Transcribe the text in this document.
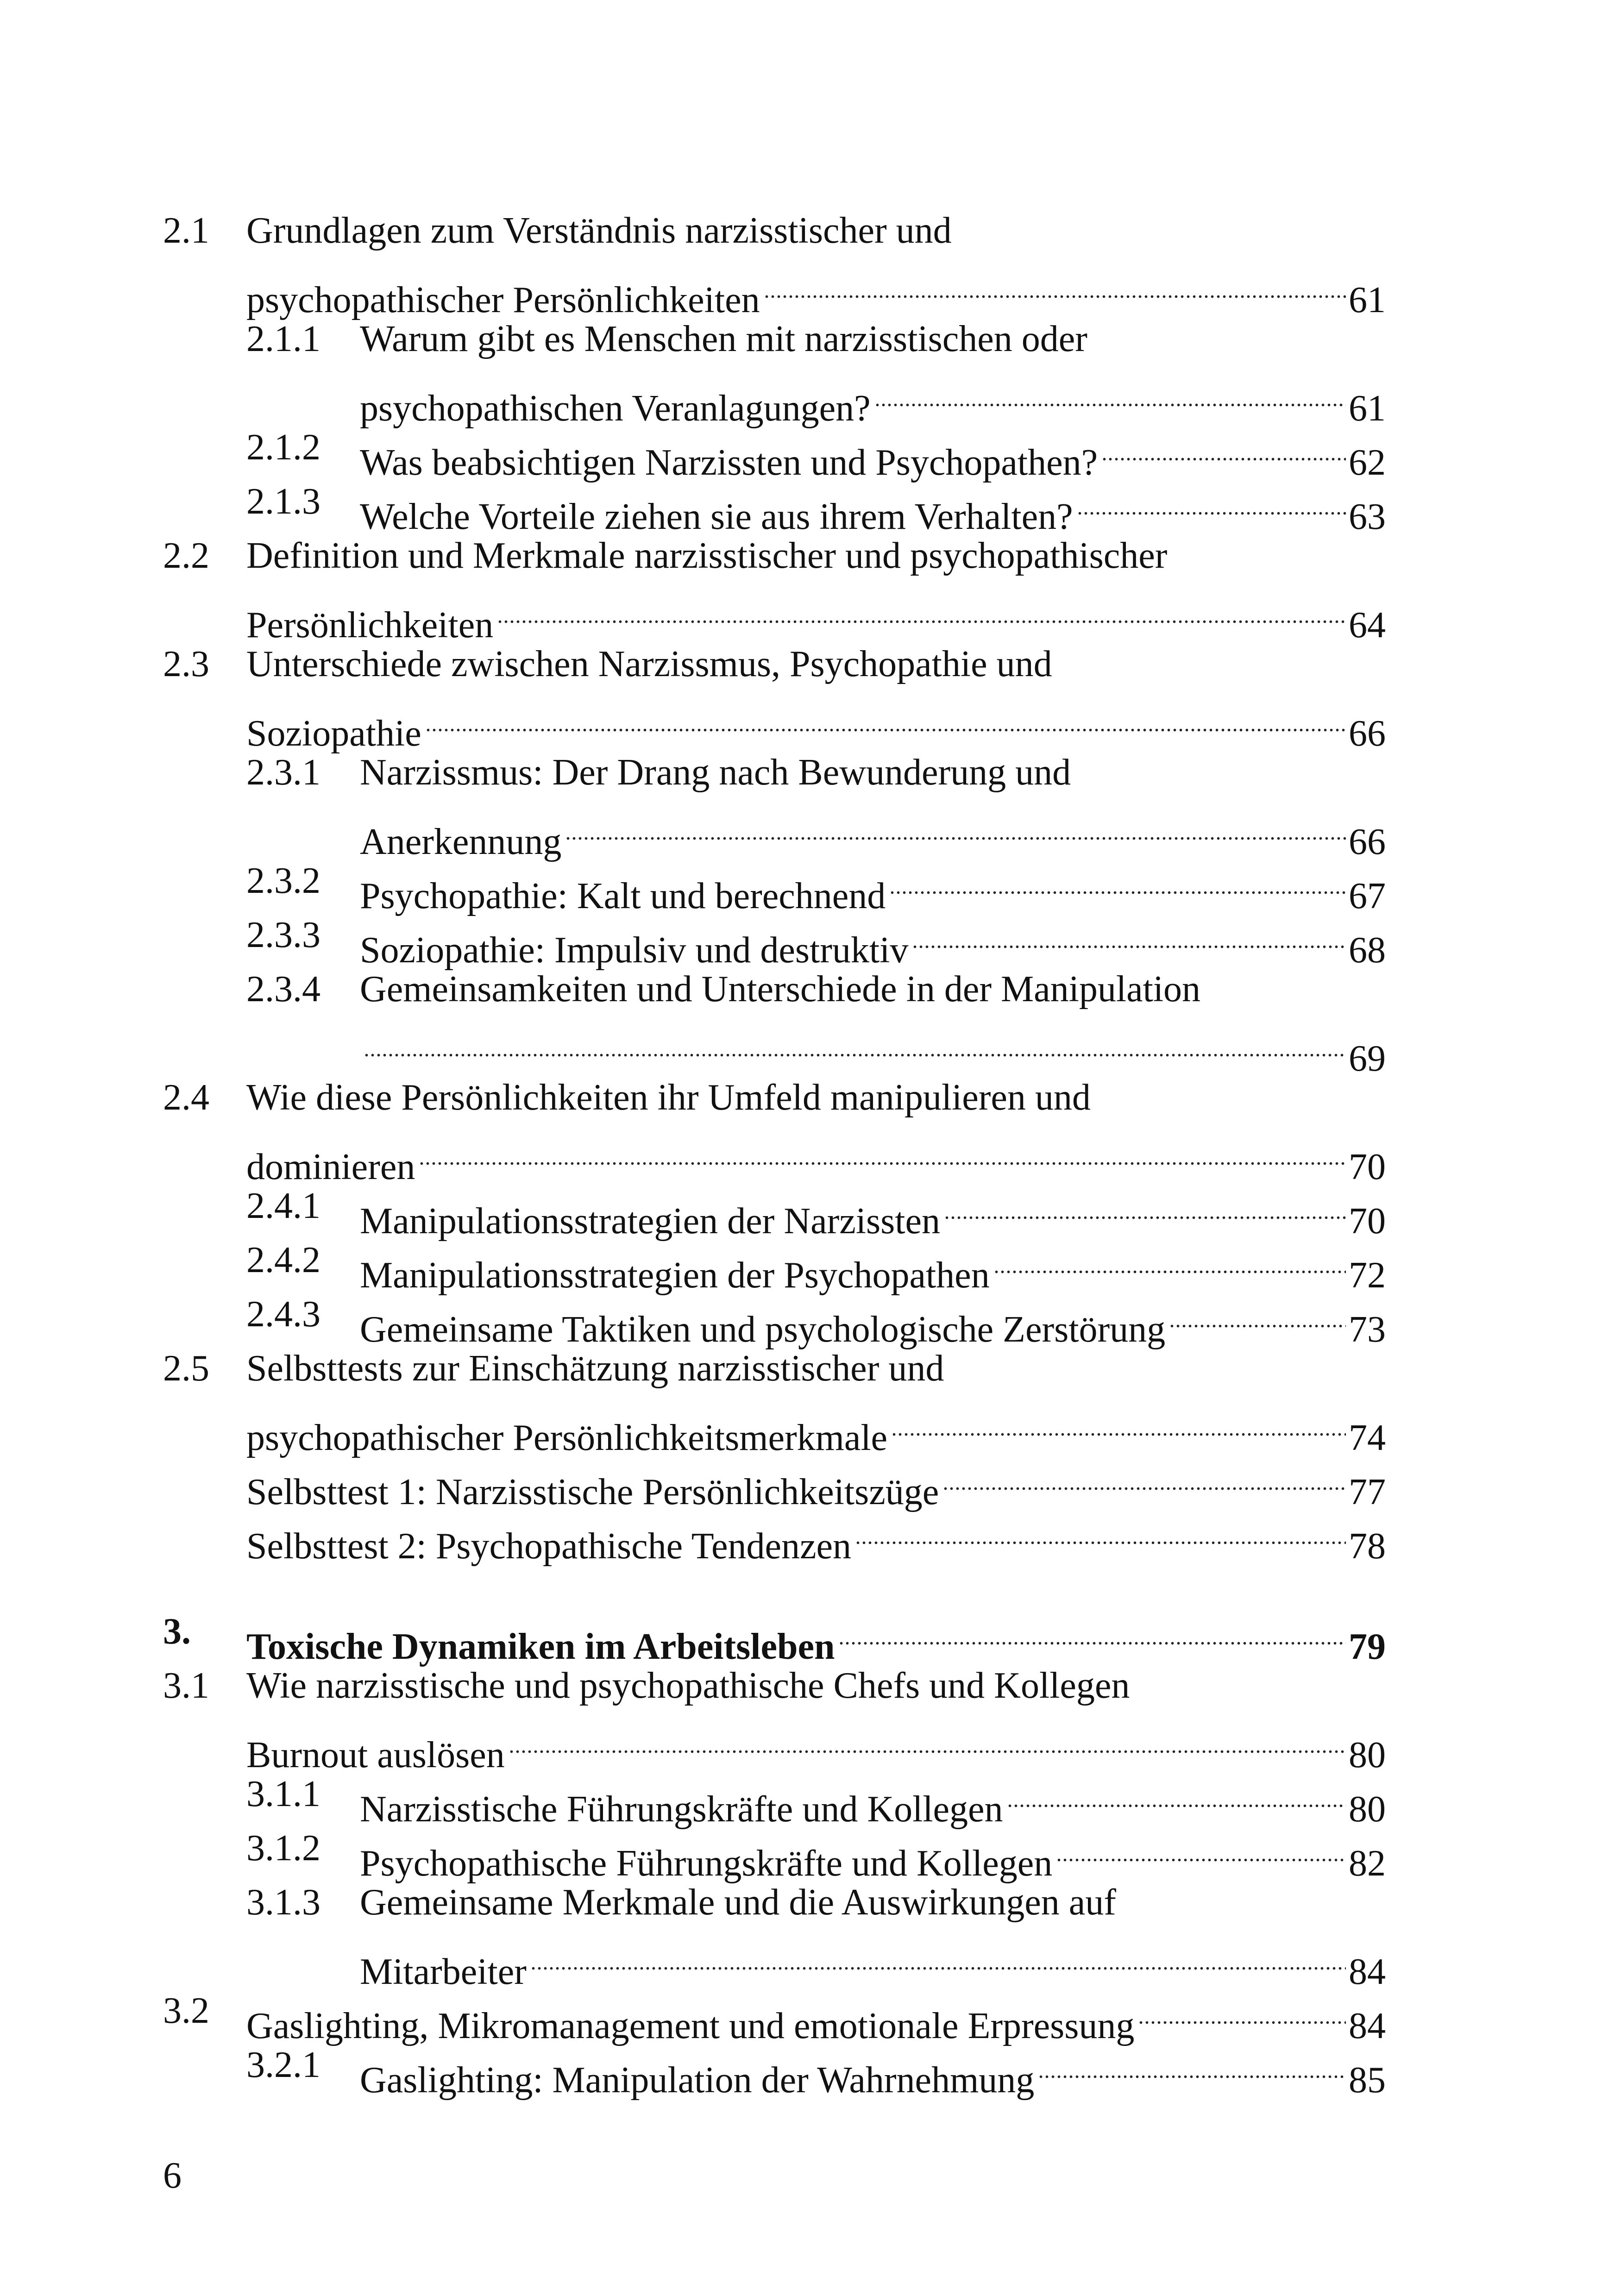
2.1 Grundlagen zum Verständnis narzisstischer und
psychopathischer Persönlichkeiten	61
2.1.1 Warum gibt es Menschen mit narzisstischen oder
psychopathischen Veranlagungen?	61
2.1.2 Was beabsichtigen Narzissten und Psychopathen?	62
2.1.3 Welche Vorteile ziehen sie aus ihrem Verhalten?	63
2.2 Definition und Merkmale narzisstischer und psychopathischer
Persönlichkeiten	64
2.3 Unterschiede zwischen Narzissmus, Psychopathie und
Soziopathie	66
2.3.1 Narzissmus: Der Drang nach Bewunderung und
Anerkennung	66
2.3.2 Psychopathie: Kalt und berechnend	67
2.3.3 Soziopathie: Impulsiv und destruktiv	68
2.3.4 Gemeinsamkeiten und Unterschiede in der Manipulation
69
2.4 Wie diese Persönlichkeiten ihr Umfeld manipulieren und
dominieren	70
2.4.1 Manipulationsstrategien der Narzissten	70
2.4.2 Manipulationsstrategien der Psychopathen	72
2.4.3 Gemeinsame Taktiken und psychologische Zerstörung	73
2.5 Selbsttests zur Einschätzung narzisstischer und
psychopathischer Persönlichkeitsmerkmale	74
Selbsttest 1: Narzisstische Persönlichkeitszüge	77
Selbsttest 2: Psychopathische Tendenzen	78
3. Toxische Dynamiken im Arbeitsleben	79
3.1 Wie narzisstische und psychopathische Chefs und Kollegen
Burnout auslösen	80
3.1.1 Narzisstische Führungskräfte und Kollegen	80
3.1.2 Psychopathische Führungskräfte und Kollegen	82
3.1.3 Gemeinsame Merkmale und die Auswirkungen auf
Mitarbeiter	84
3.2 Gaslighting, Mikromanagement und emotionale Erpressung	84
3.2.1 Gaslighting: Manipulation der Wahrnehmung	85
6
